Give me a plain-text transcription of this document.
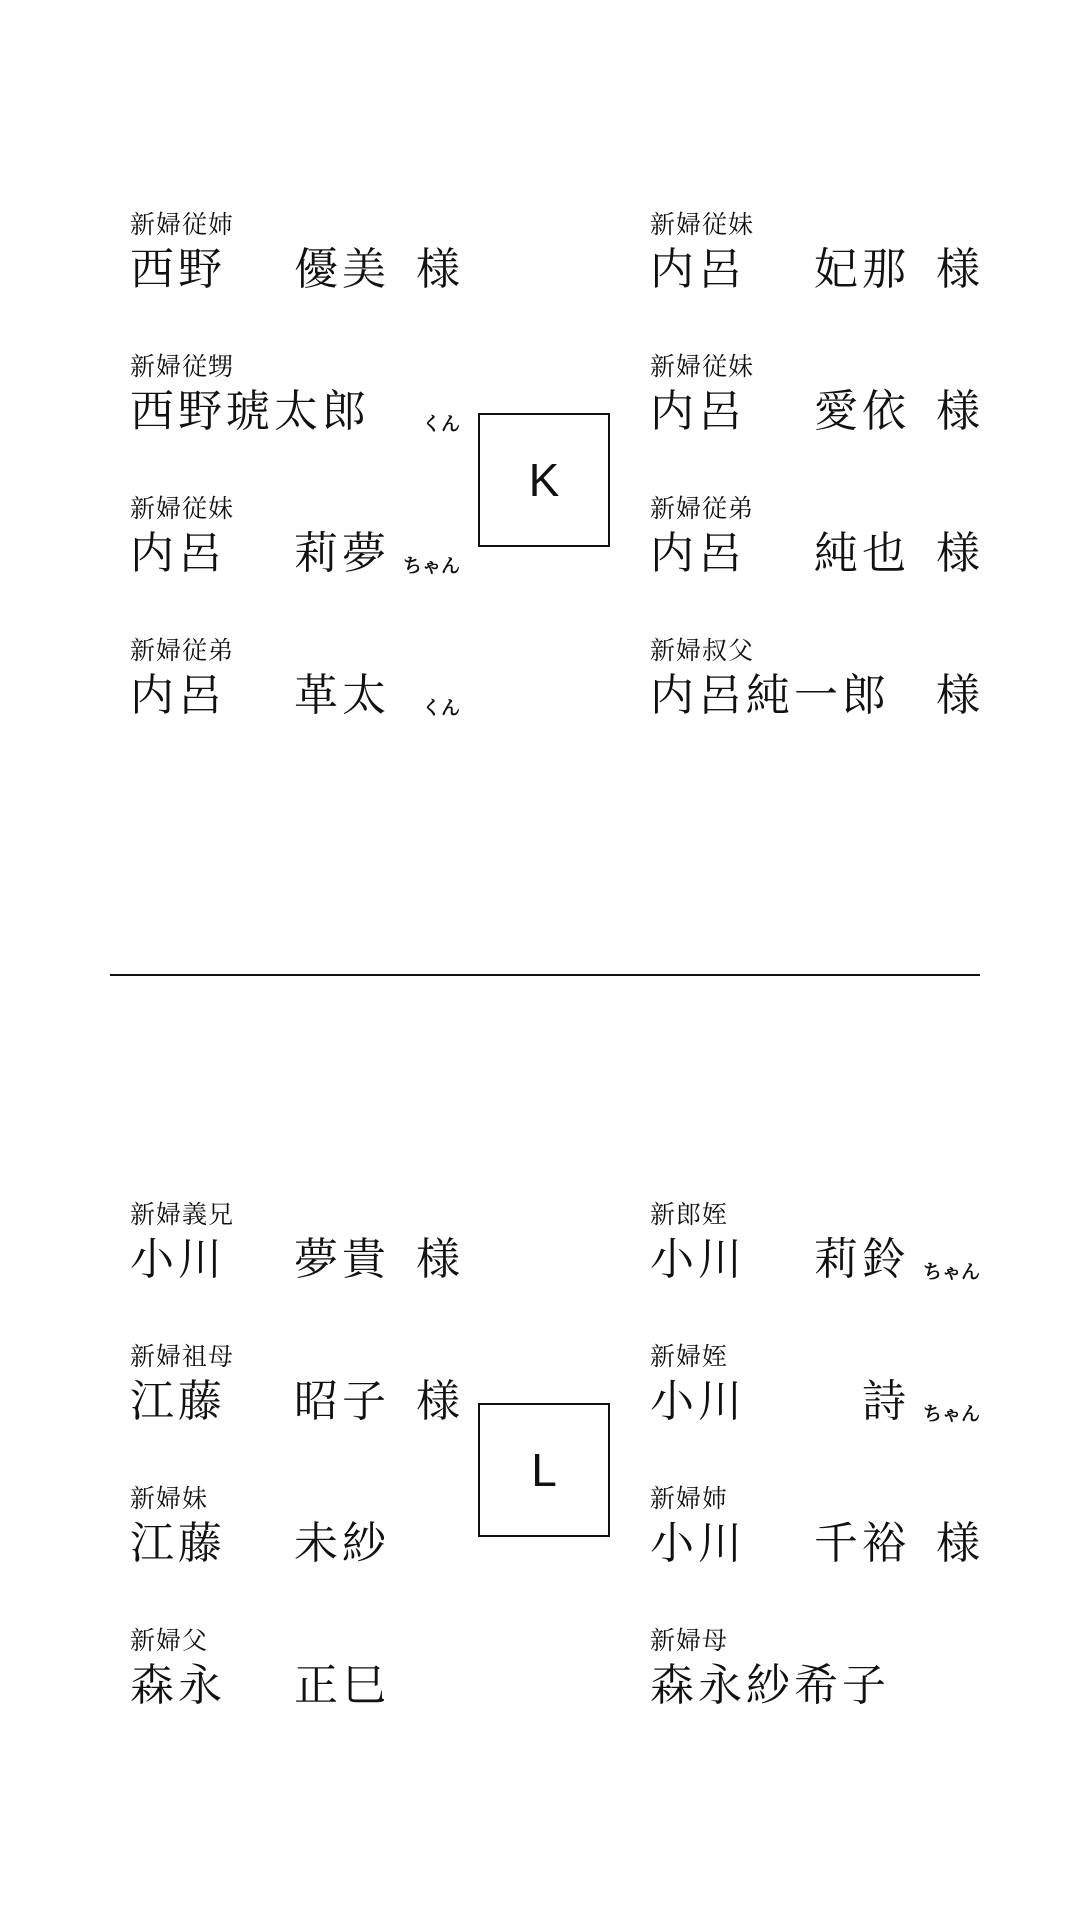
新婦従姉
西野 優美 様
新婦従甥
西野琥太郎	くん
新婦従妹
内呂 莉夢 ちゃん
新婦従弟
内呂 革太 くん
K
新婦従妹
内呂 妃那 様
新婦従妹
内呂 愛依 様
新婦従弟
内呂 純也 様
新婦叔父
内呂純一郎 様
新婦義兄
小川 夢貴 様
新婦祖母
江藤 昭子 様
新婦妹
江藤 未紗
新婦父
森永 正巳
L
新郎姪
小川 莉鈴 ちゃん
新婦姪
小川	詩 ちゃん
新婦姉
小川 千裕 様
新婦母
森永紗希子
